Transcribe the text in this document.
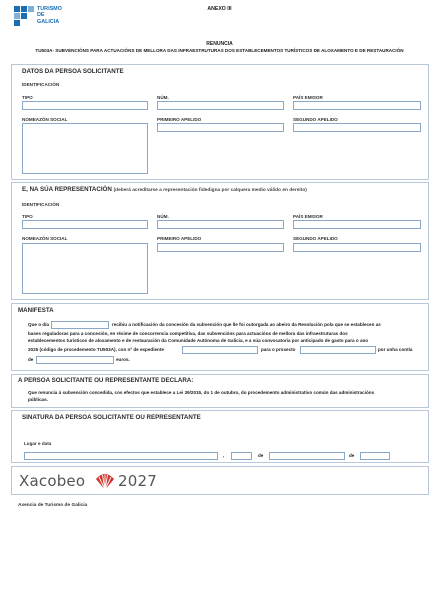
TURISMO
DE
GALICIA
ANEXO III
RENUNCIA
TU503A- SUBVENCIÓNS PARA ACTUACIÓNS DE MELLORA DAS INFRAESTRUTURAS DOS ESTABLECEMENTOS TURÍSTICOS DE ALOXAMENTO E DE RESTAURACIÓN
DATOS DA PERSOA SOLICITANTE
IDENTIFICACIÓN
TIPO	NÚM.	PAÍS EMISOR
NOMEAZÓN SOCIAL	PRIMEIRO APELIDO	SEGUNDO APELIDO
E, NA SÚA REPRESENTACIÓN (deberá acreditarse a representación fidedigna por calquera medio válido en dereito)
IDENTIFICACIÓN
TIPO	NÚM.	PAÍS EMISOR
NOMEAZÓN SOCIAL	PRIMEIRO APELIDO	SEGUNDO APELIDO
MANIFESTA
Que o día	recibiu a notificación da concesión da subvención que lle foi outorgada ao abeiro da Resolución pola que se establecen as
bases reguladoras para a concesión, en réxime de concorrencia competitiva, das subvencións para actuacións de mellora das infraestruturas dos
establecementos turísticos de aloxamento e de restauración da Comunidade Autónoma de Galicia, e a súa convocatoria por anticipado de gasto para o ano
2025 (código de procedemento TU503A), con nº de expediente	para o proxecto	por unha contía
de	euros.
A PERSOA SOLICITANTE OU REPRESENTANTE DECLARA:
Que renuncia á subvención concedida, cos efectos que establece a Lei 39/2015, do 1 de outubro, do procedemento administrativo común das administracións
públicas.
SINATURA DA PERSOA SOLICITANTE OU REPRESENTANTE
Lugar e data
,	de	de
Xacobeo 2027
Axencia de Turismo de Galicia
